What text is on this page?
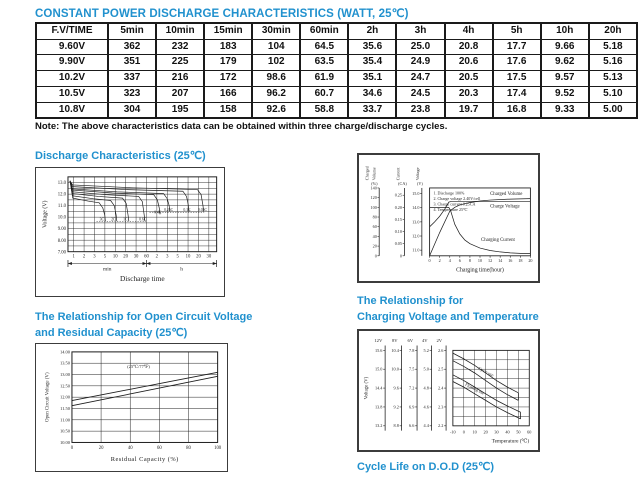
CONSTANT POWER DISCHARGE CHARACTERISTICS (WATT, 25℃)
F.V/TIME	5min	10min	15min	30min	60min	2h	3h	4h	5h	10h	20h
9.60V	362	232	183	104	64.5	35.6	25.0	20.8	17.7	9.66	5.18
9.90V	351	225	179	102	63.5	35.4	24.9	20.6	17.6	9.62	5.16
10.2V	337	216	172	98.6	61.9	35.1	24.7	20.5	17.5	9.57	5.13
10.5V	323	207	166	96.2	60.7	34.6	24.5	20.3	17.4	9.52	5.10
10.8V	304	195	158	92.6	58.8	33.7	23.8	19.7	16.8	9.33	5.00
Note: The above characteristics data can be obtained within three charge/discharge cycles.
Discharge Characteristics (25℃)
13.0
12.0
11.0
10.0
9.00
8.00
7.00
Voltage (V)
1 2 3 5 10 20 30 60 2 3 5 10 20 30
min	h
Discharge time
3C 2C 1C	0.6C
0.4C
0.25C	0.1C 0.05C
Charged Volume
(%)
0
20
40
60
80
100
120
140
Current
(CA)
0
0.05
0.10
0.15
0.20
0.25
Voltage
(V)
11.0
12.0
13.0
14.0
15.0
0 2 4 6 8 10 12 14 16 18 20
Charging time(hour)
1. Discharge 100%
2. Charge voltage 2.40V/cell
3. Charge current 0.25CA
4. Temperature 25℃
Charged Volume
Charge Voltage
Charging Current
The Relationship for Open Circuit Voltage
and Residual Capacity (25℃)
14.00
13.50
13.00
12.50
12.00
11.50
11.00
10.50
10.00
Open Circuit Voltage (V)
0	20	40	60	80	100
Residual Capacity (%)
(25℃/77℉)
The Relationship for
Charging Voltage and Temperature
Voltage (V)
12V
15.6
15.0
14.4
13.8
13.2
8V
10.4
10.0
9.6
9.2
8.8
6V
7.8
7.5
7.2
6.9
6.6
4V
5.2
5.0
4.8
4.6
4.4
2V
2.6
2.5
2.4
2.3
2.2
-10 0 10 20 30 40 50 60
Temperature (℃)
Cycle use
Floating use
Cycle Life on D.O.D (25℃)
